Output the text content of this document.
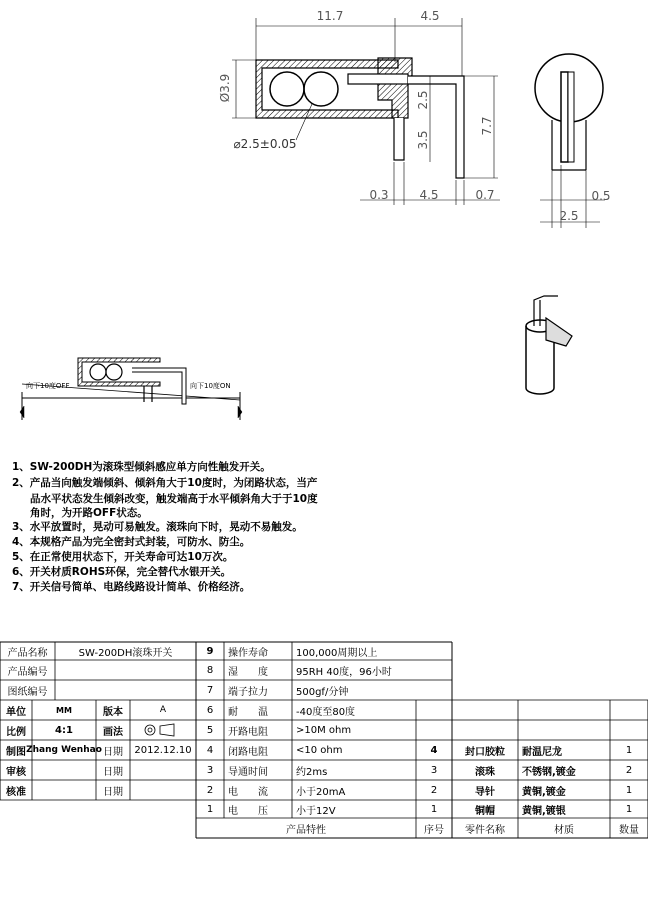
11.7	4.5
Ø3.9
⌀2.5±0.05
2.5
3.5
7.7
0.3	4.5	0.7	0.5
2.5
向下10度OFF	向下10度ON
1、SW-200DH为滚珠型倾斜感应单方向性触发开关。
2、产品当向触发端倾斜、倾斜角大于10度时，为闭路状态，当产
品水平状态发生倾斜改变，触发端高于水平倾斜角大于于10度
角时，为开路OFF状态。
3、水平放置时，晃动可易触发。滚珠向下时，晃动不易触发。
4、本规格产品为完全密封式封装，可防水、防尘。
5、在正常使用状态下，开关寿命可达10万次。
6、开关材质ROHS环保，完全替代水银开关。
7、开关信号简单、电路线路设计简单、价格经济。
产品名称	SW-200DH滚珠开关
产品编号
图纸编号
单位	MM	版本	A
比例	4:1	画法
制图 Zhang Wenhao 日期	2012.12.10
审核	日期
核准	日期
9	操作寿命	100,000周期以上
8	湿　　度	95RH 40度，96小时
7	端子拉力	500gf/分钟
6	耐　　温	-40度至80度
5	开路电阻	>10M ohm
4	闭路电阻	<10 ohm
3	导通时间	约2ms
2	电　　流	小于20mA
1	电　　压	小于12V
产品特性
4	封口胶粒	耐温尼龙	1
3	滚珠	不锈钢,镀金	2
2	导针	黄铜,镀金	1
1	铜帽	黄铜,镀银	1
序号	零件名称	材质	数量
